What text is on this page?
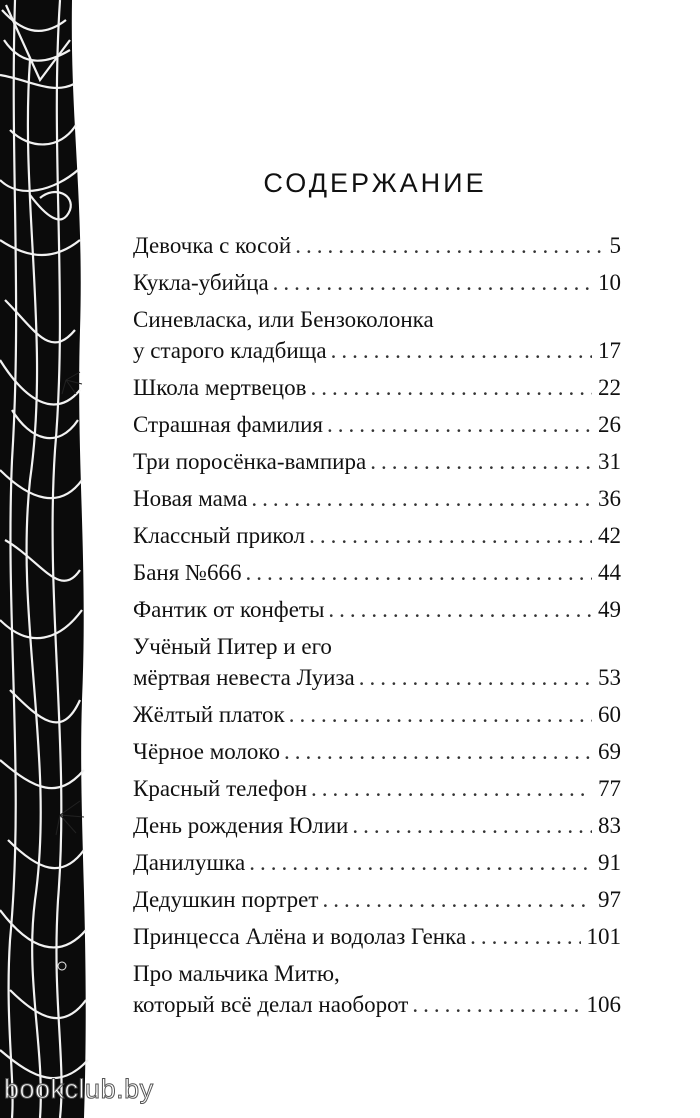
СОДЕРЖАНИЕ
Девочка с косой .....	5
Кукла-убийца .....	10
Синевласка, или Бензоколонка
у старого кладбища .....	17
Школа мертвецов .....	22
Страшная фамилия .....	26
Три поросёнка-вампира .....	31
Новая мама .....	36
Классный прикол .....	42
Баня №666 .....	44
Фантик от конфеты .....	49
Учёный Питер и его
мёртвая невеста Луиза .....	53
Жёлтый платок .....	60
Чёрное молоко .....	69
Красный телефон .....	77
День рождения Юлии .....	83
Данилушка .....	91
Дедушкин портрет .....	97
Принцесса Алёна и водолаз Генка .....	101
Про мальчика Митю,
который всё делал наоборот .....	106
bookclub.by
